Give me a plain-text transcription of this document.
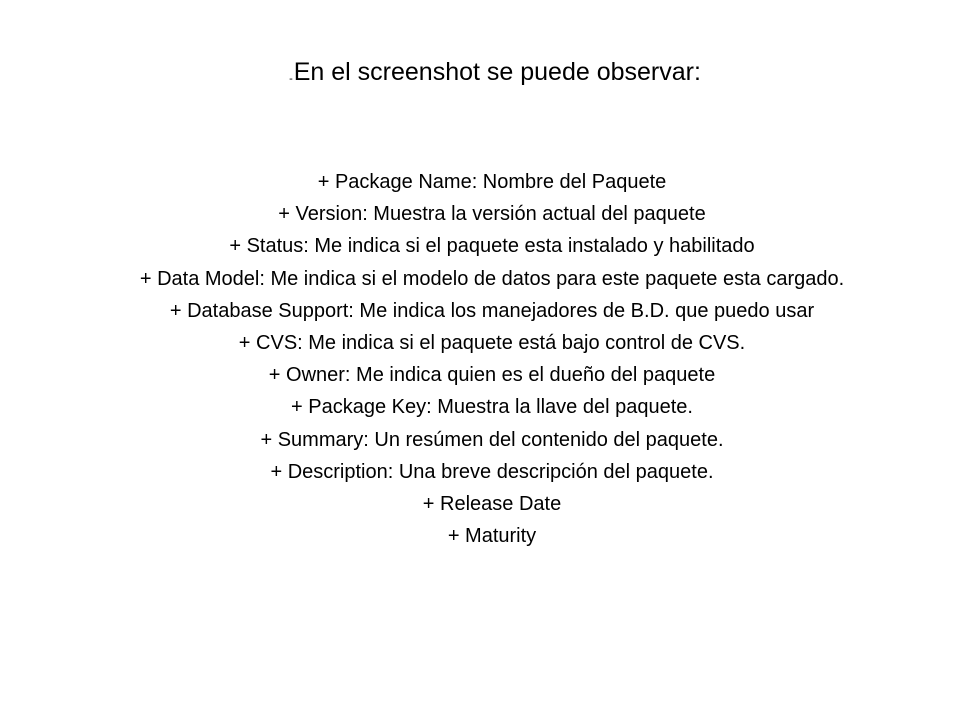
-En el screenshot se puede observar:
+ Package Name: Nombre del Paquete
+ Version: Muestra la versión actual del paquete
+ Status: Me indica si el paquete esta instalado y habilitado
+ Data Model: Me indica si el modelo de datos para este paquete esta cargado.
+ Database Support: Me indica los manejadores de B.D. que puedo usar
+ CVS: Me indica si el paquete está bajo control de CVS.
+ Owner: Me indica quien es el dueño del paquete
+ Package Key: Muestra la llave del paquete.
+ Summary: Un resúmen del contenido del paquete.
+ Description: Una breve descripción del paquete.
+ Release Date
+ Maturity
